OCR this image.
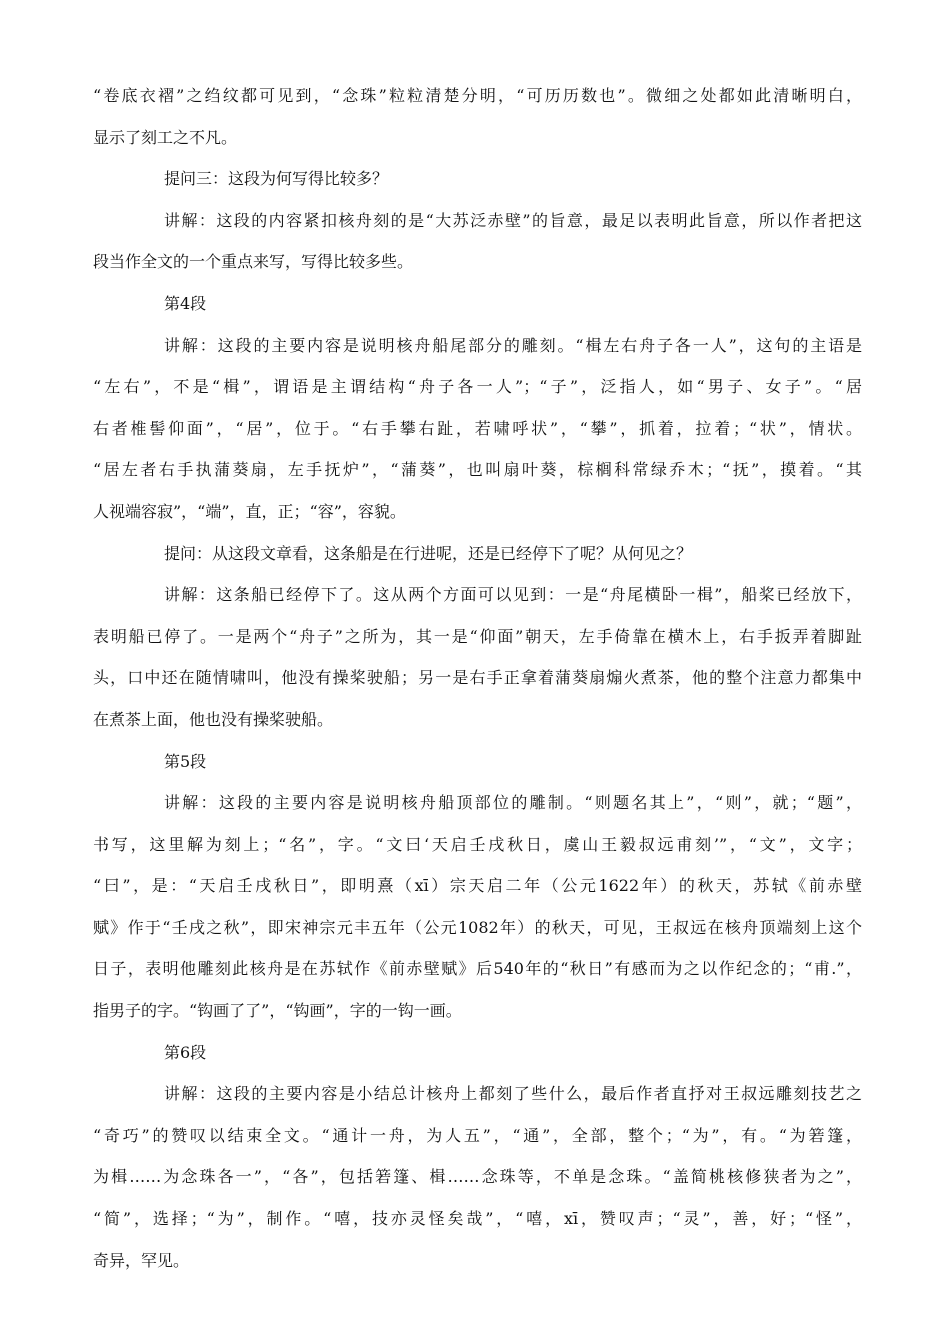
“卷底衣褶”之绉纹都可见到，“念珠”粒粒清楚分明，“可历历数也”。微细之处都如此清晰明白，
显示了刻工之不凡。
提问三：这段为何写得比较多？
讲解：这段的内容紧扣核舟刻的是“大苏泛赤壁”的旨意，最足以表明此旨意，所以作者把这
段当作全文的一个重点来写，写得比较多些。
第4段
讲解：这段的主要内容是说明核舟船尾部分的雕刻。“楫左右舟子各一人”，这句的主语是
“左右”，不是“楫”，谓语是主谓结构“舟子各一人”；“子”，泛指人，如“男子、女子”。“居
右者椎髻仰面”，“居”，位于。“右手攀右趾，若啸呼状”，“攀”，抓着，拉着；“状”，情状。
“居左者右手执蒲葵扇，左手抚炉”，“蒲葵”，也叫扇叶葵，棕榈科常绿乔木；“抚”，摸着。“其
人视端容寂”，“端”，直，正；“容”，容貌。
提问：从这段文章看，这条船是在行进呢，还是已经停下了呢？从何见之？
讲解：这条船已经停下了。这从两个方面可以见到：一是“舟尾横卧一楫”，船桨已经放下，
表明船已停了。一是两个“舟子”之所为，其一是“仰面”朝天，左手倚靠在横木上，右手扳弄着脚趾
头，口中还在随情啸叫，他没有操桨驶船；另一是右手正拿着蒲葵扇煽火煮茶，他的整个注意力都集中
在煮茶上面，他也没有操桨驶船。
第5段
讲解：这段的主要内容是说明核舟船顶部位的雕制。“则题名其上”，“则”，就；“题”，
书写，这里解为刻上；“名”，字。“文曰‘天启壬戌秋日，虞山王毅叔远甫刻’”，“文”，文字；
“曰”，是：“天启壬戌秋日”，即明熹（xī）宗天启二年（公元1622年）的秋天，苏轼《前赤壁
赋》作于“壬戌之秋”，即宋神宗元丰五年（公元1082年）的秋天，可见，王叔远在核舟顶端刻上这个
日子，表明他雕刻此核舟是在苏轼作《前赤壁赋》后540年的“秋日”有感而为之以作纪念的；“甫.”，
指男子的字。“钩画了了”，“钩画”，字的一钩一画。
第6段
讲解：这段的主要内容是小结总计核舟上都刻了些什么，最后作者直抒对王叔远雕刻技艺之
“奇巧”的赞叹以结束全文。“通计一舟，为人五”，“通”，全部，整个；“为”，有。“为箬篷，
为楫……为念珠各一”，“各”，包括箬篷、楫……念珠等，不单是念珠。“盖简桃核修狭者为之”，
“简”，选择；“为”，制作。“嘻，技亦灵怪矣哉”，“嘻，xī，赞叹声；“灵”，善，好；“怪”，
奇异，罕见。
